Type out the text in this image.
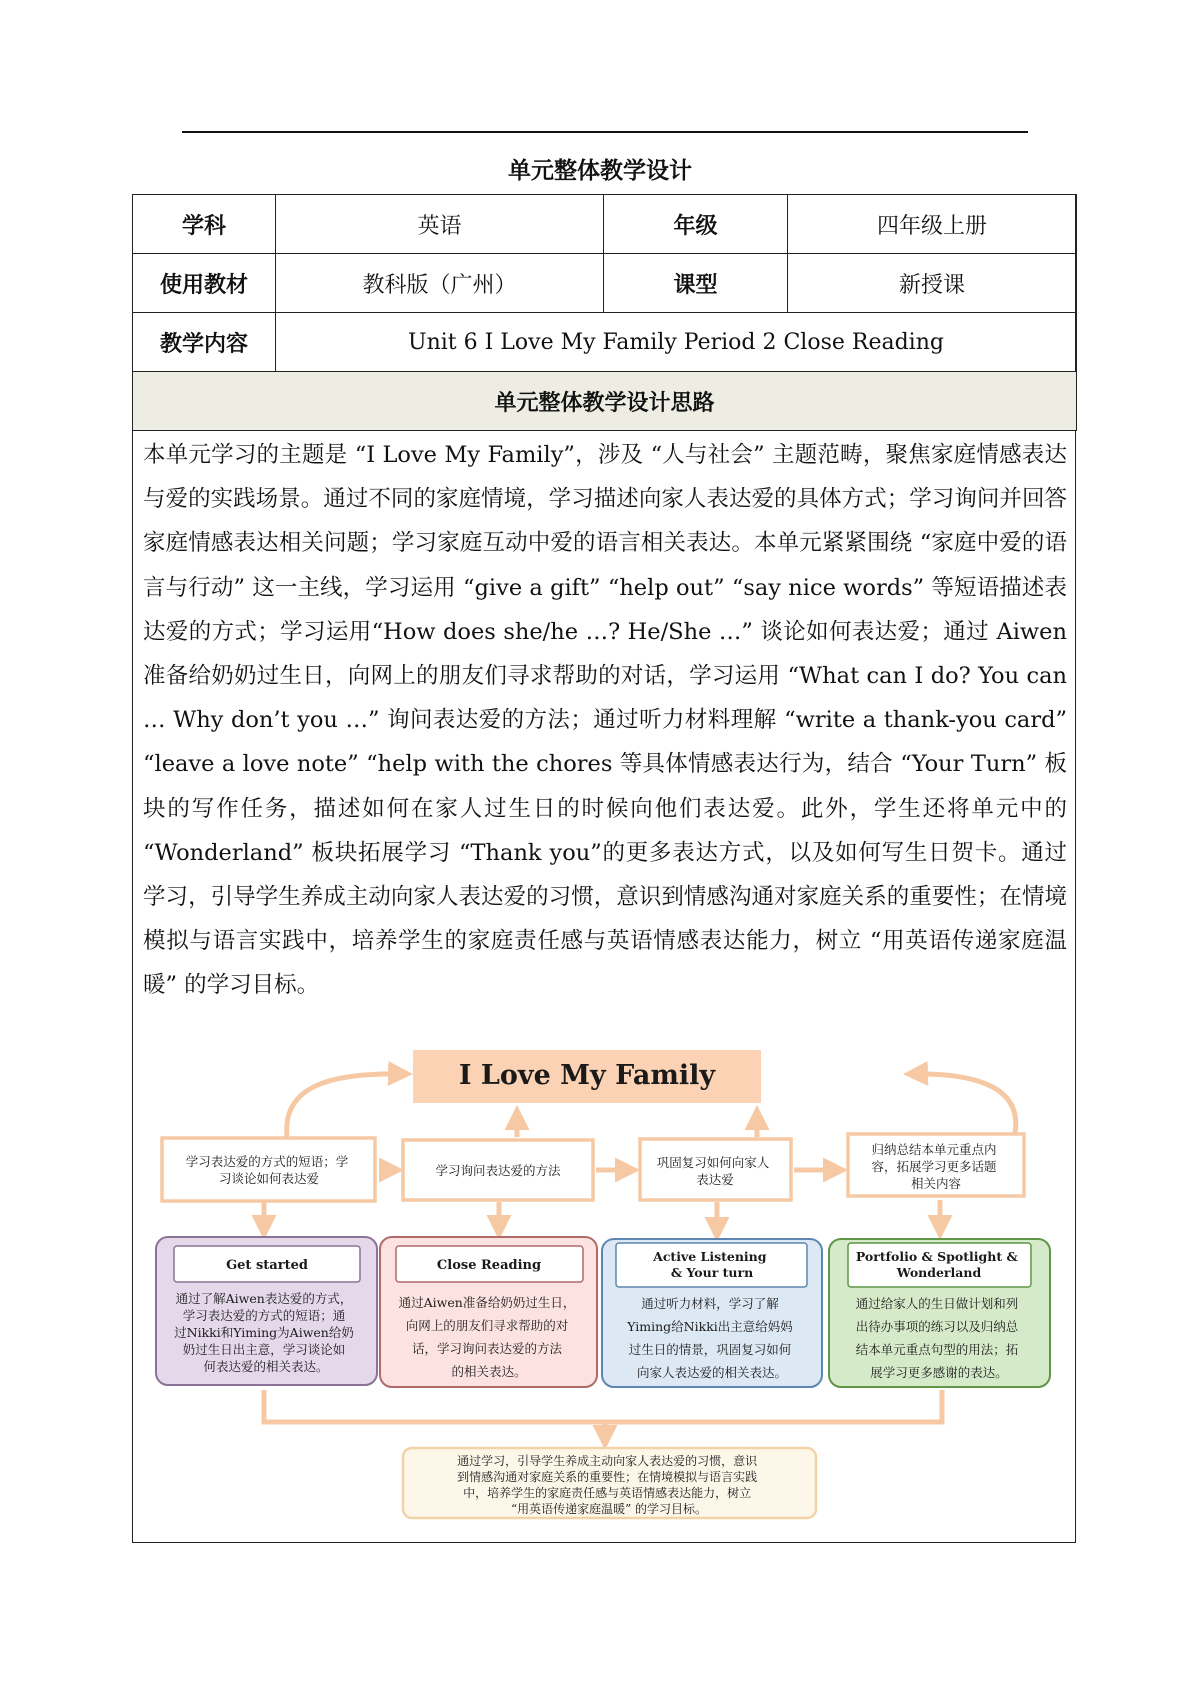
单元整体教学设计
学科	英语	年级	四年级上册
使用教材	教科版（广州）	课型	新授课
教学内容	Unit 6 I Love My Family Period 2 Close Reading		
单元整体教学设计思路			

本单元学习的主题是 “I Love My Family”，涉及 “人与社会” 主题范畴，聚焦家庭情感表达与爱的实践场景。通过不同的家庭情境，学习描述向家人表达爱的具体方式；学习询问并回答家庭情感表达相关问题；学习家庭互动中爱的语言相关表达。本单元紧紧围绕 “家庭中爱的语言与行动” 这一主线，学习运用 “give a gift” “help out” “say nice words” 等短语描述表达爱的方式；学习运用“How does she/he …? He/She …” 谈论如何表达爱；通过 Aiwen 准备给奶奶过生日，向网上的朋友们寻求帮助的对话，学习运用 “What can I do? You can … Why don’t you …” 询问表达爱的方法；通过听力材料理解 “write a thank-you card” “leave a love note” “help with the chores 等具体情感表达行为，结合 “Your Turn” 板块的写作任务，描述如何在家人过生日的时候向他们表达爱。此外，学生还将单元中的 “Wonderland” 板块拓展学习 “Thank you”的更多表达方式，以及如何写生日贺卡。通过学习，引导学生养成主动向家人表达爱的习惯，意识到情感沟通对家庭关系的重要性；在情境模拟与语言实践中，培养学生的家庭责任感与英语情感表达能力，树立 “用英语传递家庭温暖” 的学习目标。

I Love My Family
学习表达爱的方式的短语；学 习谈论如何表达爱
学习询问表达爱的方法
巩固复习如何向家人 表达爱
归纳总结本单元重点内 容，拓展学习更多话题 相关内容
Get started
通过了解Aiwen表达爱的方式， 学习表达爱的方式的短语；通 过Nikki和Yiming为Aiwen给奶 奶过生日出主意，学习谈论如 何表达爱的相关表达。
Close Reading
通过Aiwen准备给奶奶过生日， 向网上的朋友们寻求帮助的对 话，学习询问表达爱的方法 的相关表达。
Active Listening & Your turn
通过听力材料，学习了解 Yiming给Nikki出主意给妈妈 过生日的情景，巩固复习如何 向家人表达爱的相关表达。
Portfolio & Spotlight & Wonderland
通过给家人的生日做计划和列 出待办事项的练习以及归纳总 结本单元重点句型的用法；拓 展学习更多感谢的表达。
通过学习，引导学生养成主动向家人表达爱的习惯，意识 到情感沟通对家庭关系的重要性；在情境模拟与语言实践 中，培养学生的家庭责任感与英语情感表达能力，树立 “用英语传递家庭温暖” 的学习目标。
